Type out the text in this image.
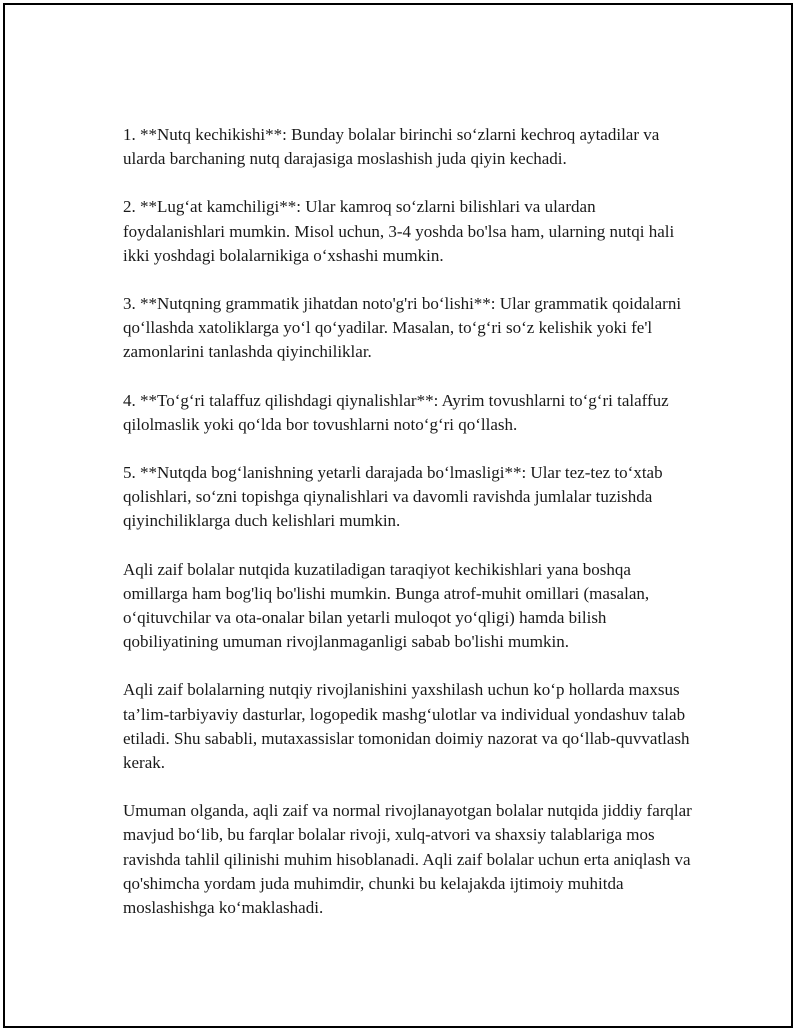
1. **Nutq kechikishi**: Bunday bolalar birinchi so‘zlarni kechroq aytadilar va ularda barchaning nutq darajasiga moslashish juda qiyin kechadi.

2. **Lug‘at kamchiligi**: Ular kamroq so‘zlarni bilishlari va ulardan foydalanishlari mumkin. Misol uchun, 3-4 yoshda bo'lsa ham, ularning nutqi hali ikki yoshdagi bolalarnikiga o‘xshashi mumkin.

3. **Nutqning grammatik jihatdan noto'g'ri bo‘lishi**: Ular grammatik qoidalarni qo‘llashda xatoliklarga yo‘l qo‘yadilar. Masalan, to‘g‘ri so‘z kelishik yoki fe'l zamonlarini tanlashda qiyinchiliklar.

4. **To‘g‘ri talaffuz qilishdagi qiynalishlar**: Ayrim tovushlarni to‘g‘ri talaffuz qilolmaslik yoki qo‘lda bor tovushlarni noto‘g‘ri qo‘llash.

5. **Nutqda bog‘lanishning yetarli darajada bo‘lmasligi**: Ular tez-tez to‘xtab qolishlari, so‘zni topishga qiynalishlari va davomli ravishda jumlalar tuzishda qiyinchiliklarga duch kelishlari mumkin.

Aqli zaif bolalar nutqida kuzatiladigan taraqiyot kechikishlari yana boshqa omillarga ham bog'liq bo'lishi mumkin. Bunga atrof-muhit omillari (masalan, o‘qituvchilar va ota-onalar bilan yetarli muloqot yo‘qligi) hamda bilish qobiliyatining umuman rivojlanmaganligi sabab bo'lishi mumkin.

Aqli zaif bolalarning nutqiy rivojlanishini yaxshilash uchun ko‘p hollarda maxsus ta’lim-tarbiyaviy dasturlar, logopedik mashg‘ulotlar va individual yondashuv talab etiladi. Shu sababli, mutaxassislar tomonidan doimiy nazorat va qo‘llab-quvvatlash kerak.

Umuman olganda, aqli zaif va normal rivojlanayotgan bolalar nutqida jiddiy farqlar mavjud bo‘lib, bu farqlar bolalar rivoji, xulq-atvori va shaxsiy talablariga mos ravishda tahlil qilinishi muhim hisoblanadi. Aqli zaif bolalar uchun erta aniqlash va qo'shimcha yordam juda muhimdir, chunki bu kelajakda ijtimoiy muhitda moslashishga ko‘maklashadi.
